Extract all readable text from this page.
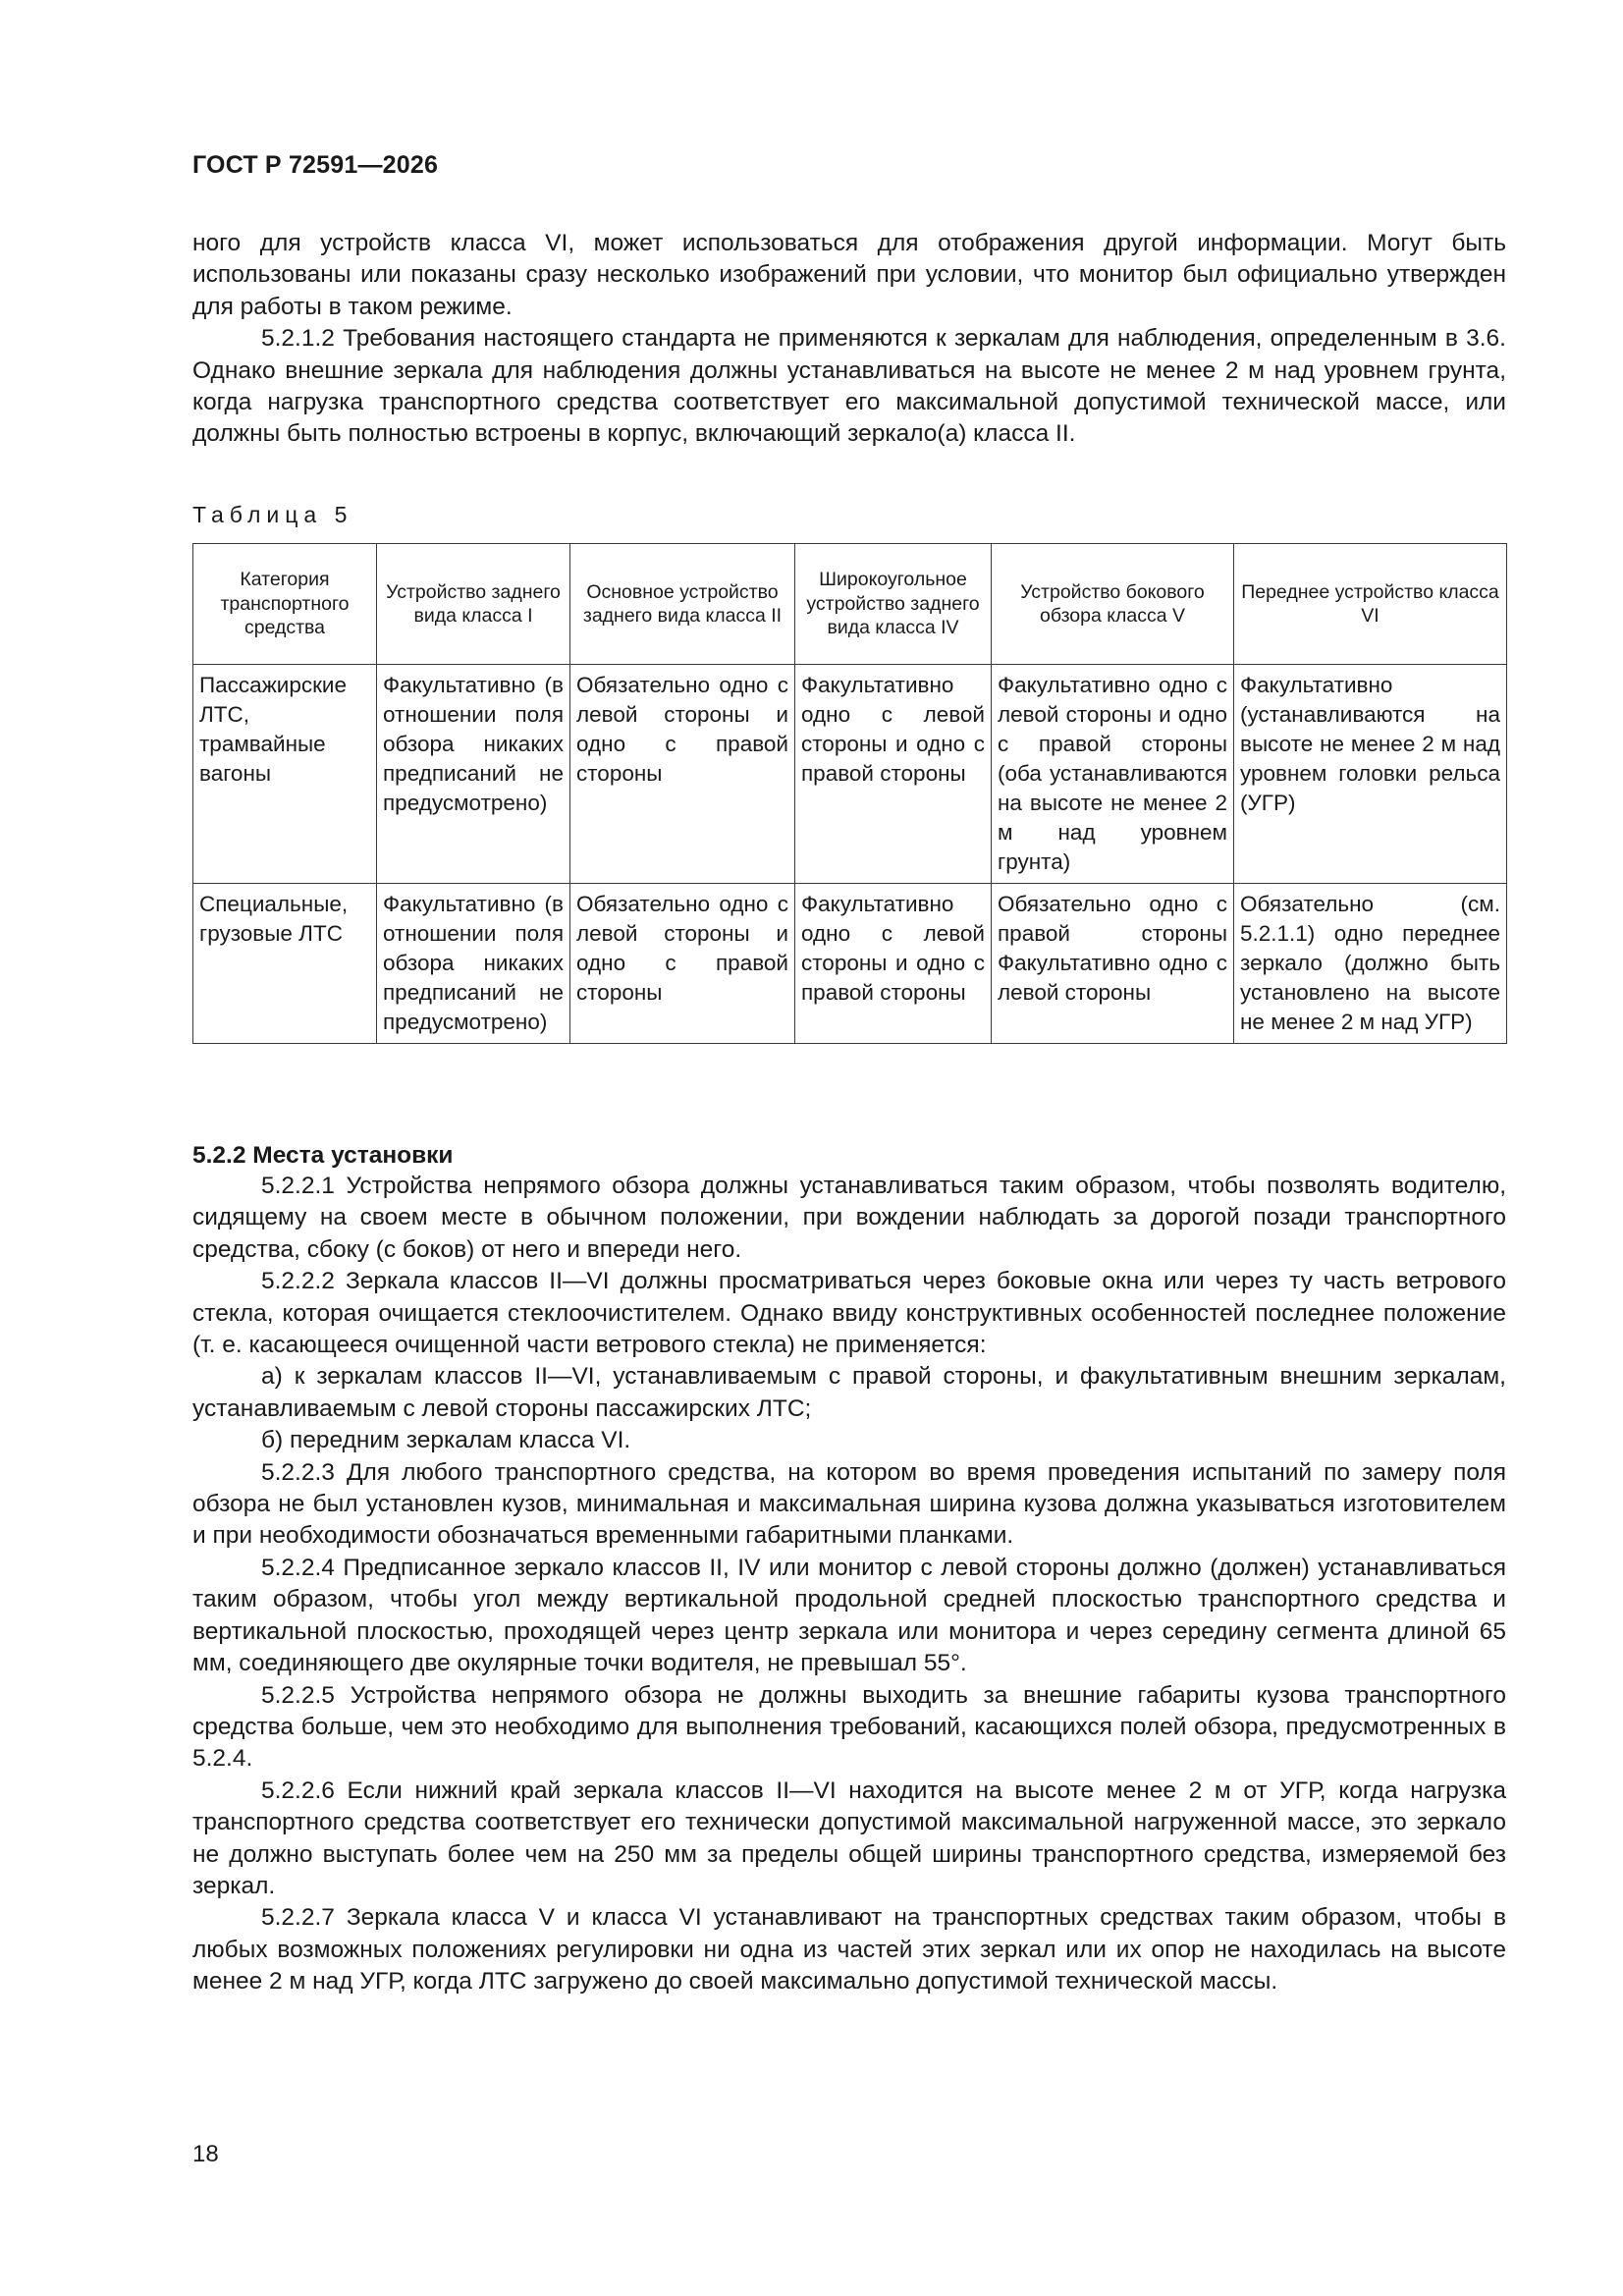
ГОСТ Р 72591—2026

ного для устройств класса VI, может использоваться для отображения другой информации. Могут быть использованы или показаны сразу несколько изображений при условии, что монитор был официально утвержден для работы в таком режиме.

5.2.1.2 Требования настоящего стандарта не применяются к зеркалам для наблюдения, определенным в 3.6. Однако внешние зеркала для наблюдения должны устанавливаться на высоте не менее 2 м над уровнем грунта, когда нагрузка транспортного средства соответствует его максимальной допустимой технической массе, или должны быть полностью встроены в корпус, включающий зеркало(а) класса II.

Таблица 5
Категория транспортного средства	Устройство заднего вида класса I	Основное устройство заднего вида класса II	Широкоугольное устройство заднего вида класса IV	Устройство бокового обзора класса V	Переднее устройство класса VI
Пассажирские ЛТС, трамвайные вагоны	Факультативно (в отношении поля обзора никаких предписаний не предусмотрено)	Обязательно одно с левой стороны и одно с правой стороны	Факультативно одно с левой стороны и одно с правой стороны	Факультативно одно с левой стороны и одно с правой стороны (оба устанавливаются на высоте не менее 2 м над уровнем грунта)	Факультативно (устанавливаются на высоте не менее 2 м над уровнем головки рельса (УГР)
Специальные, грузовые ЛТС	Факультативно (в отношении поля обзора никаких предписаний не предусмотрено)	Обязательно одно с левой стороны и одно с правой стороны	Факультативно одно с левой стороны и одно с правой стороны	Обязательно одно с правой стороны Факультативно одно с левой стороны	Обязательно (см. 5.2.1.1) одно переднее зеркало (должно быть установлено на высоте не менее 2 м над УГР)
5.2.2 Места установки

5.2.2.1 Устройства непрямого обзора должны устанавливаться таким образом, чтобы позволять водителю, сидящему на своем месте в обычном положении, при вождении наблюдать за дорогой позади транспортного средства, сбоку (с боков) от него и впереди него.

5.2.2.2 Зеркала классов II—VI должны просматриваться через боковые окна или через ту часть ветрового стекла, которая очищается стеклоочистителем. Однако ввиду конструктивных особенностей последнее положение (т. е. касающееся очищенной части ветрового стекла) не применяется:

а) к зеркалам классов II—VI, устанавливаемым с правой стороны, и факультативным внешним зеркалам, устанавливаемым с левой стороны пассажирских ЛТС;

б) передним зеркалам класса VI.

5.2.2.3 Для любого транспортного средства, на котором во время проведения испытаний по замеру поля обзора не был установлен кузов, минимальная и максимальная ширина кузова должна указываться изготовителем и при необходимости обозначаться временными габаритными планками.

5.2.2.4 Предписанное зеркало классов II, IV или монитор с левой стороны должно (должен) устанавливаться таким образом, чтобы угол между вертикальной продольной средней плоскостью транспортного средства и вертикальной плоскостью, проходящей через центр зеркала или монитора и через середину сегмента длиной 65 мм, соединяющего две окулярные точки водителя, не превышал 55°.

5.2.2.5 Устройства непрямого обзора не должны выходить за внешние габариты кузова транспортного средства больше, чем это необходимо для выполнения требований, касающихся полей обзора, предусмотренных в 5.2.4.

5.2.2.6 Если нижний край зеркала классов II—VI находится на высоте менее 2 м от УГР, когда нагрузка транспортного средства соответствует его технически допустимой максимальной нагруженной массе, это зеркало не должно выступать более чем на 250 мм за пределы общей ширины транспортного средства, измеряемой без зеркал.

5.2.2.7 Зеркала класса V и класса VI устанавливают на транспортных средствах таким образом, чтобы в любых возможных положениях регулировки ни одна из частей этих зеркал или их опор не находилась на высоте менее 2 м над УГР, когда ЛТС загружено до своей максимально допустимой технической массы.

18
